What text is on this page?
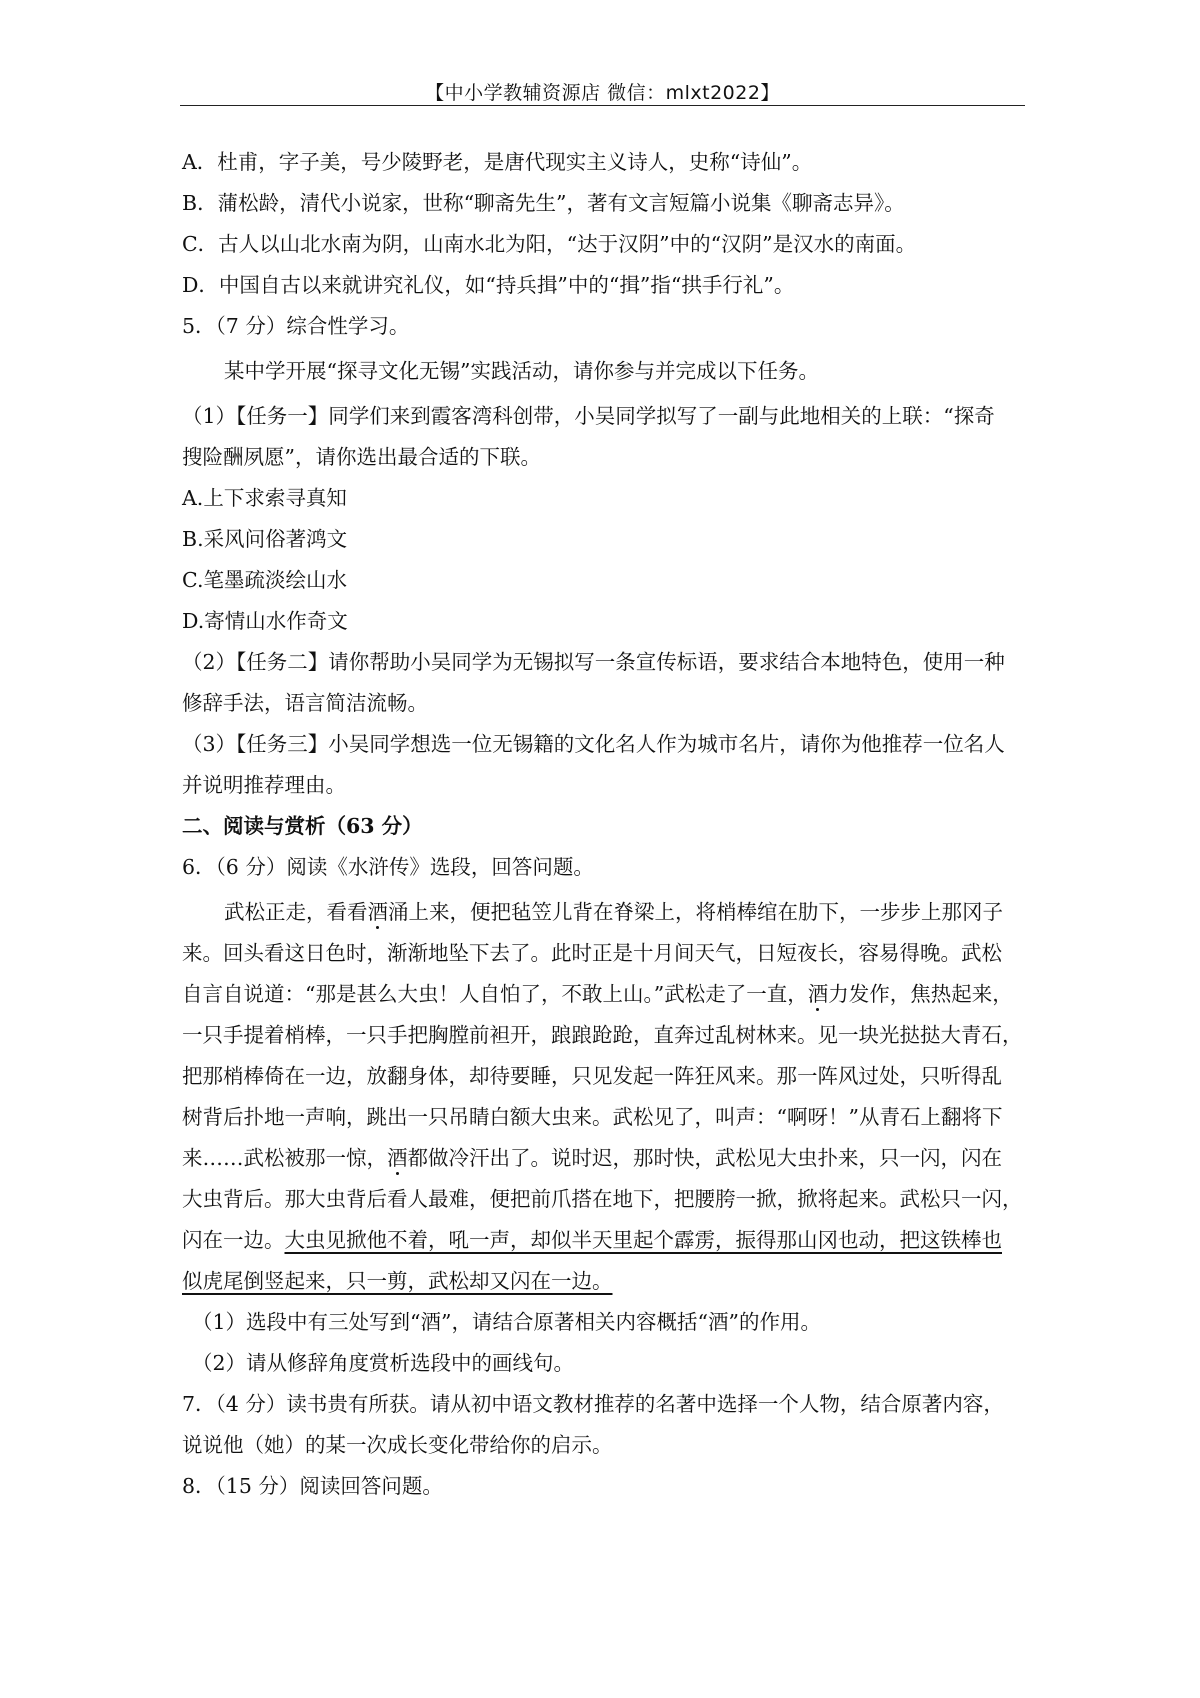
【中小学教辅资源店 微信：mlxt2022】
A．杜甫，字子美，号少陵野老，是唐代现实主义诗人，史称“诗仙”。
B．蒲松龄，清代小说家，世称“聊斋先生”，著有文言短篇小说集《聊斋志异》。
C．古人以山北水南为阴，山南水北为阳，“达于汉阴”中的“汉阴”是汉水的南面。
D．中国自古以来就讲究礼仪，如“持兵揖”中的“揖”指“拱手行礼”。
5．（7 分）综合性学习。
某中学开展“探寻文化无锡”实践活动，请你参与并完成以下任务。
（1）【任务一】同学们来到霞客湾科创带，小吴同学拟写了一副与此地相关的上联：“探奇
搜险酬夙愿”，请你选出最合适的下联。
A.上下求索寻真知
B.采风问俗著鸿文
C.笔墨疏淡绘山水
D.寄情山水作奇文
（2）【任务二】请你帮助小吴同学为无锡拟写一条宣传标语，要求结合本地特色，使用一种
修辞手法，语言简洁流畅。
（3）【任务三】小吴同学想选一位无锡籍的文化名人作为城市名片，请你为他推荐一位名人
并说明推荐理由。
二、阅读与赏析（63 分）
6．（6 分）阅读《水浒传》选段，回答问题。
武松正走，看看酒涌上来，便把毡笠儿背在脊梁上，将梢棒绾在肋下，一步步上那冈子
来。回头看这日色时，渐渐地坠下去了。此时正是十月间天气，日短夜长，容易得晚。武松
自言自说道：“那是甚么大虫！人自怕了，不敢上山。”武松走了一直，酒力发作，焦热起来，
一只手提着梢棒，一只手把胸膛前袒开，踉踉跄跄，直奔过乱树林来。见一块光挞挞大青石，
把那梢棒倚在一边，放翻身体，却待要睡，只见发起一阵狂风来。那一阵风过处，只听得乱
树背后扑地一声响，跳出一只吊睛白额大虫来。武松见了，叫声：“啊呀！”从青石上翻将下
来……武松被那一惊，酒都做冷汗出了。说时迟，那时快，武松见大虫扑来，只一闪，闪在
大虫背后。那大虫背后看人最难，便把前爪搭在地下，把腰胯一掀，掀将起来。武松只一闪，
闪在一边。大虫见掀他不着，吼一声，却似半天里起个霹雳，振得那山冈也动，把这铁棒也
似虎尾倒竖起来，只一剪，武松却又闪在一边。
（1）选段中有三处写到“酒”，请结合原著相关内容概括“酒”的作用。
（2）请从修辞角度赏析选段中的画线句。
7．（4 分）读书贵有所获。请从初中语文教材推荐的名著中选择一个人物，结合原著内容，
说说他（她）的某一次成长变化带给你的启示。
8．（15 分）阅读回答问题。
